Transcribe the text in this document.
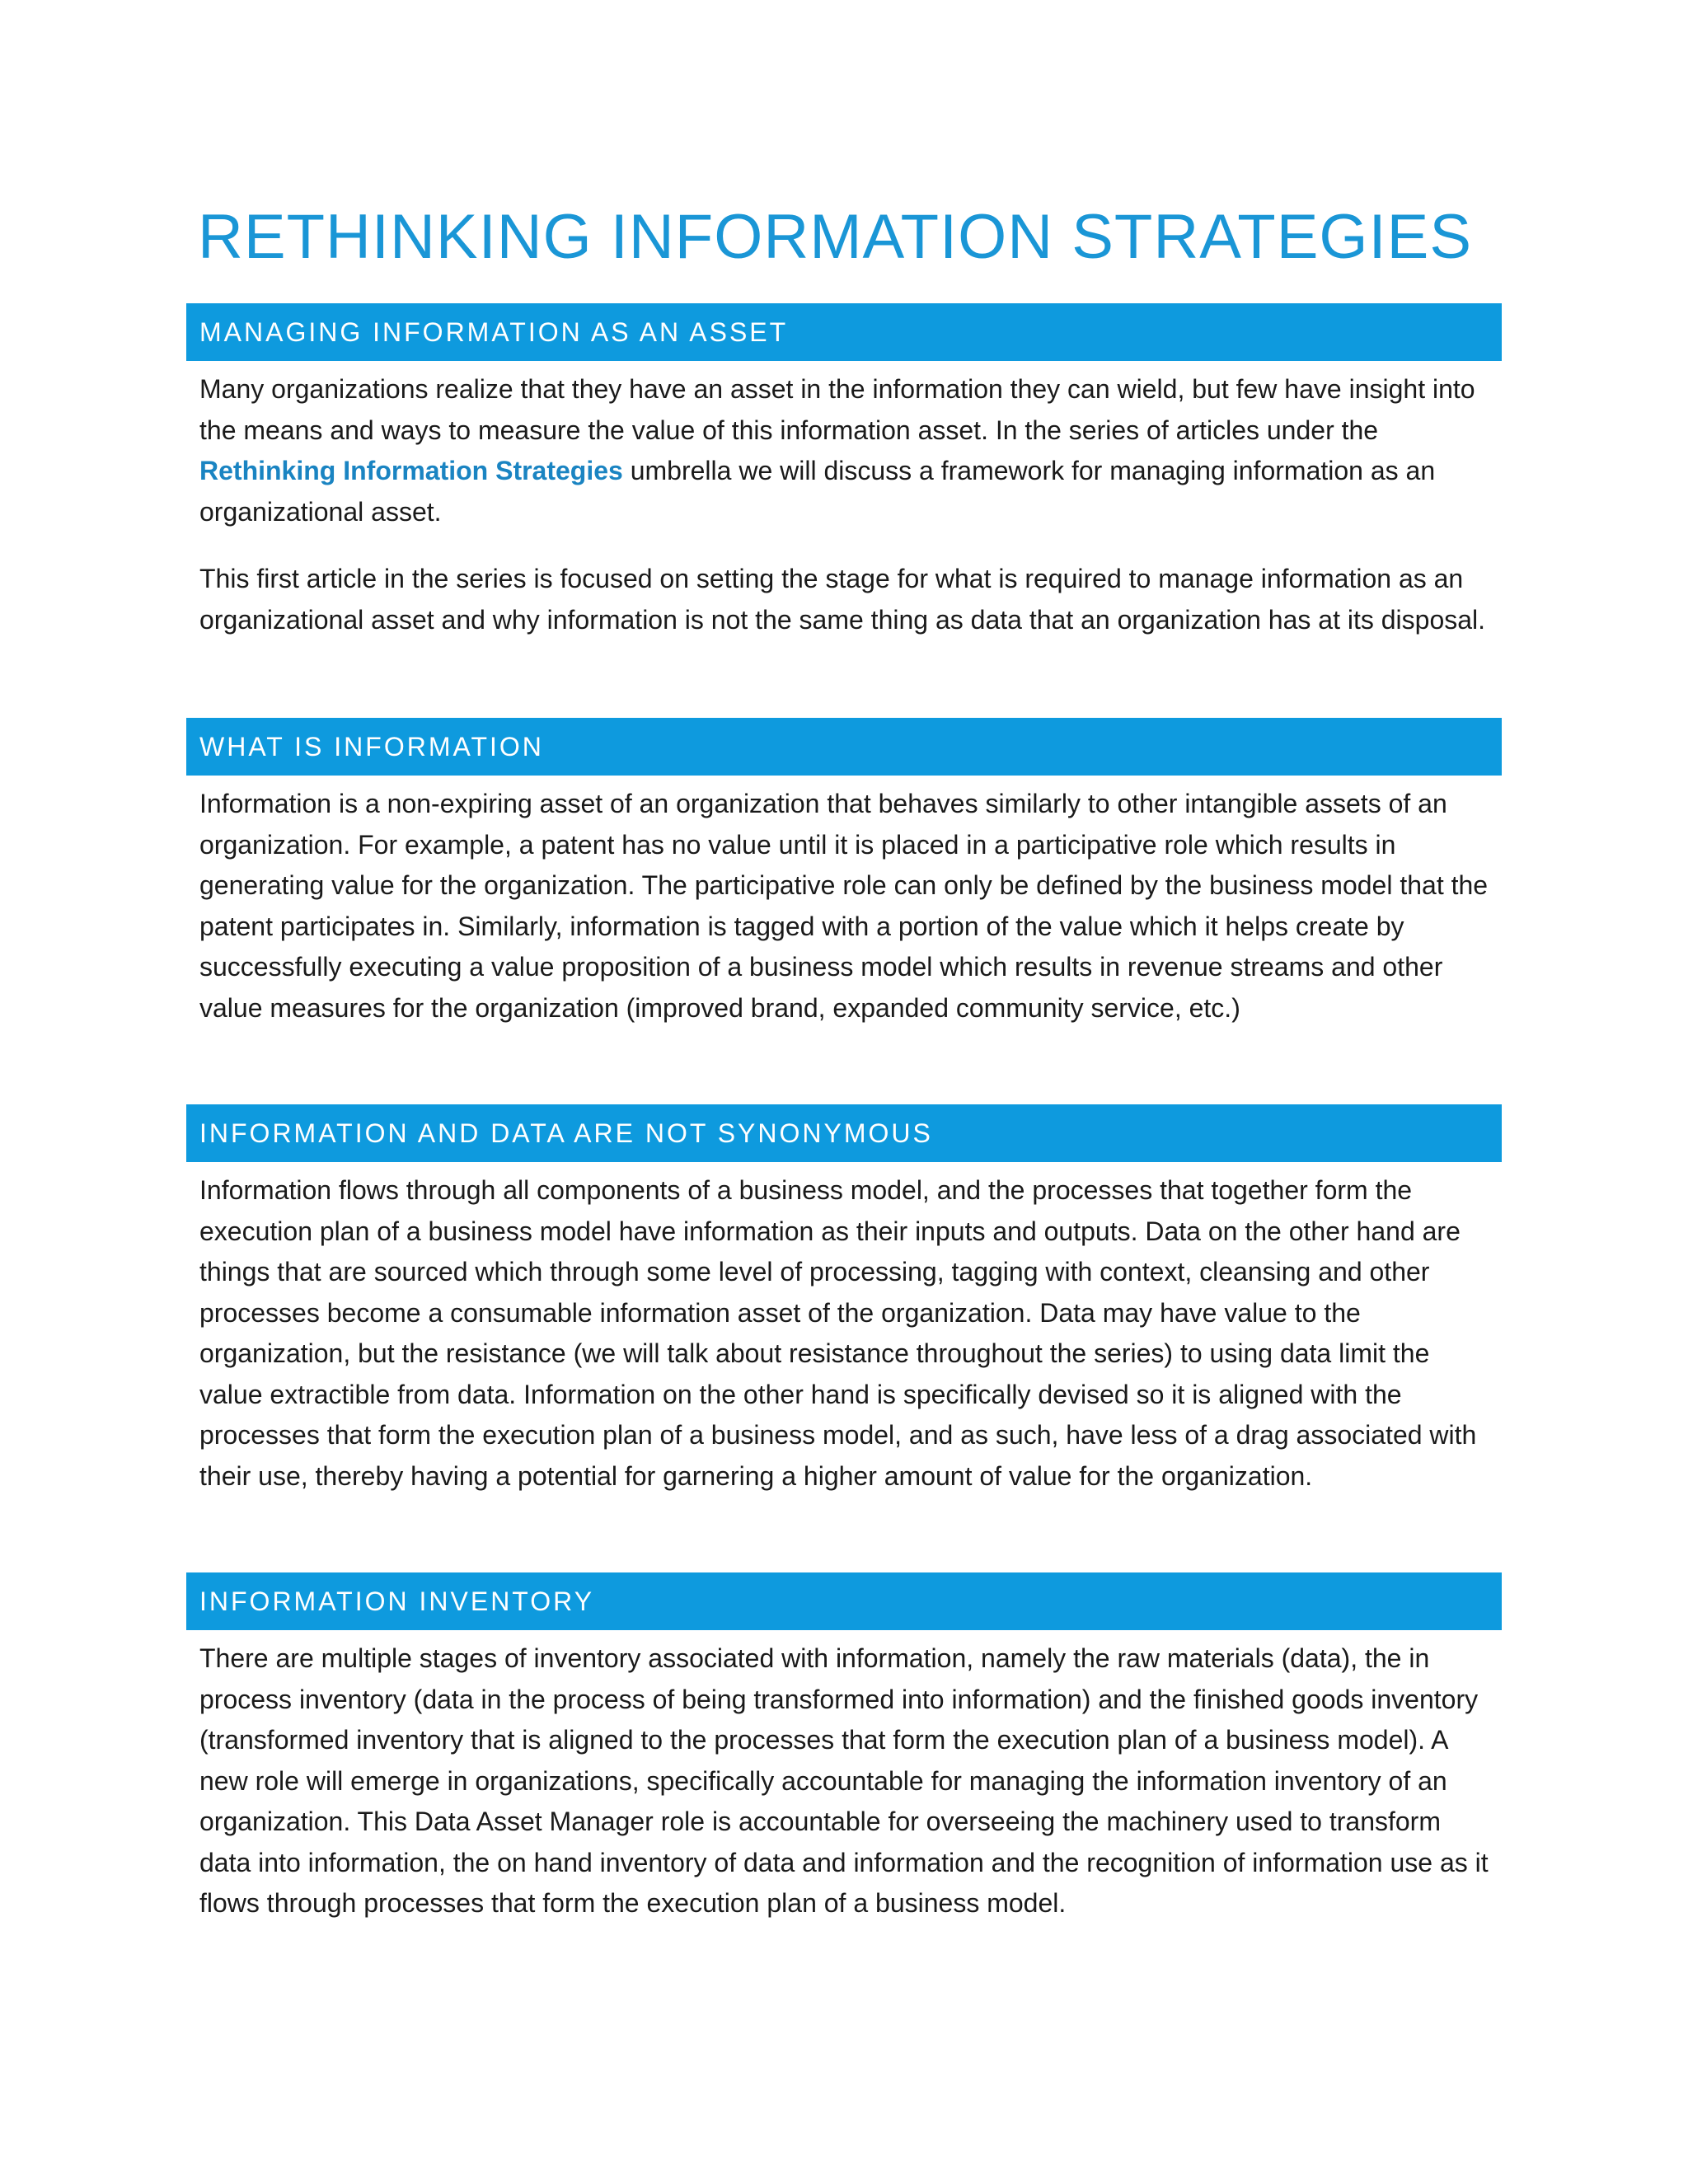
RETHINKING INFORMATION STRATEGIES
MANAGING INFORMATION AS AN ASSET

Many organizations realize that they have an asset in the information they can wield, but few have insight into the means and ways to measure the value of this information asset. In the series of articles under the Rethinking Information Strategies umbrella we will discuss a framework for managing information as an organizational asset.

This first article in the series is focused on setting the stage for what is required to manage information as an organizational asset and why information is not the same thing as data that an organization has at its disposal.

WHAT IS INFORMATION

Information is a non-expiring asset of an organization that behaves similarly to other intangible assets of an organization. For example, a patent has no value until it is placed in a participative role which results in generating value for the organization. The participative role can only be defined by the business model that the patent participates in. Similarly, information is tagged with a portion of the value which it helps create by successfully executing a value proposition of a business model which results in revenue streams and other value measures for the organization (improved brand, expanded community service, etc.)

INFORMATION AND DATA ARE NOT SYNONYMOUS

Information flows through all components of a business model, and the processes that together form the execution plan of a business model have information as their inputs and outputs. Data on the other hand are things that are sourced which through some level of processing, tagging with context, cleansing and other processes become a consumable information asset of the organization. Data may have value to the organization, but the resistance (we will talk about resistance throughout the series) to using data limit the value extractible from data. Information on the other hand is specifically devised so it is aligned with the processes that form the execution plan of a business model, and as such, have less of a drag associated with their use, thereby having a potential for garnering a higher amount of value for the organization.

INFORMATION INVENTORY

There are multiple stages of inventory associated with information, namely the raw materials (data), the in process inventory (data in the process of being transformed into information) and the finished goods inventory (transformed inventory that is aligned to the processes that form the execution plan of a business model). A new role will emerge in organizations, specifically accountable for managing the information inventory of an organization. This Data Asset Manager role is accountable for overseeing the machinery used to transform data into information, the on hand inventory of data and information and the recognition of information use as it flows through processes that form the execution plan of a business model.
